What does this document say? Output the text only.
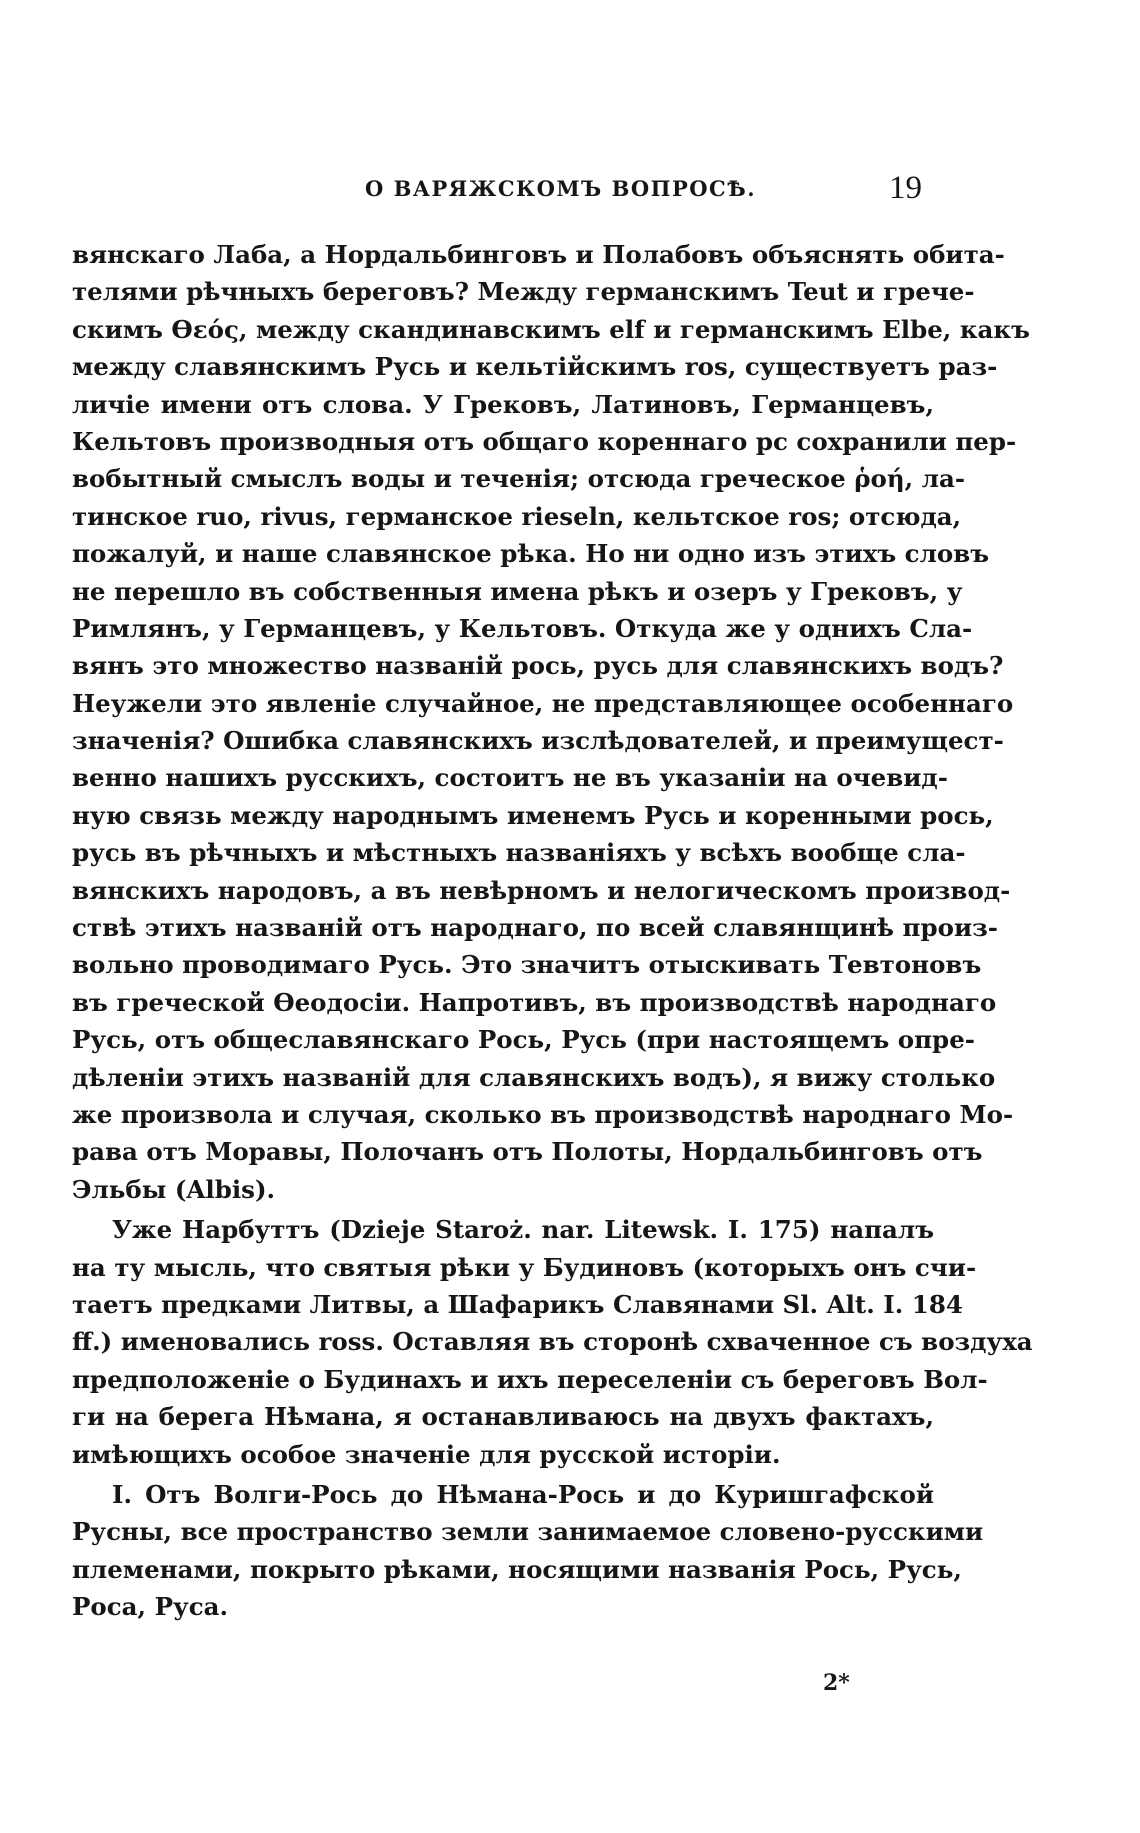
О ВАРЯЖСКОМЪ ВОПРОСѢ.	19
вянскаго Лаба, а Нордальбинговъ и Полабовъ объяснять обита-
телями рѣчныхъ береговъ? Между германскимъ Teut и грече-
скимъ Ѳεός, между скандинавскимъ elf и германскимъ Elbe, какъ
между славянскимъ Русь и кельтійскимъ ros, существуетъ раз-
личіе имени отъ слова. У Грековъ, Латиновъ, Германцевъ,
Кельтовъ производныя отъ общаго кореннаго рс сохранили пер-
вобытный смыслъ воды и теченія; отсюда греческое ῥοή, ла-
тинское ruo, rivus, германское rieseln, кельтское ros; отсюда,
пожалуй, и наше славянское рѣка. Но ни одно изъ этихъ словъ
не перешло въ собственныя имена рѣкъ и озеръ у Грековъ, у
Римлянъ, у Германцевъ, у Кельтовъ. Откуда же у однихъ Сла-
вянъ это множество названій рось, русь для славянскихъ водъ?
Неужели это явленіе случайное, не представляющее особеннаго
значенія? Ошибка славянскихъ изслѣдователей, и преимущест-
венно нашихъ русскихъ, состоитъ не въ указаніи на очевид-
ную связь между народнымъ именемъ Русь и коренными рось,
русь въ рѣчныхъ и мѣстныхъ названіяхъ у всѣхъ вообще сла-
вянскихъ народовъ, а въ невѣрномъ и нелогическомъ производ-
ствѣ этихъ названій отъ народнаго, по всей славянщинѣ произ-
вольно проводимаго Русь. Это значитъ отыскивать Тевтоновъ
въ греческой Ѳеодосіи. Напротивъ, въ производствѣ народнаго
Русь, отъ общеславянскаго Рось, Русь (при настоящемъ опре-
дѣленіи этихъ названій для славянскихъ водъ), я вижу столько
же произвола и случая, сколько въ производствѣ народнаго Мо-
рава отъ Моравы, Полочанъ отъ Полоты, Нордальбинговъ отъ
Эльбы (Albis).
Уже Нарбуттъ (Dzieje Staroż. nar. Litewsk. I. 175) напалъ
на ту мысль, что святыя рѣки у Будиновъ (которыхъ онъ счи-
таетъ предками Литвы, а Шафарикъ Славянами Sl. Alt. I. 184
ff.) именовались ross. Оставляя въ сторонѣ схваченное съ воздуха
предположеніе о Будинахъ и ихъ переселеніи съ береговъ Вол-
ги на берега Нѣмана, я останавливаюсь на двухъ фактахъ,
имѣющихъ особое значеніе для русской исторіи.
I. Отъ Волги-Рось до Нѣмана-Рось и до Куришгафской
Русны, все пространство земли занимаемое словено-русскими
племенами, покрыто рѣками, носящими названія Рось, Русь,
Роса, Руса.
2*
